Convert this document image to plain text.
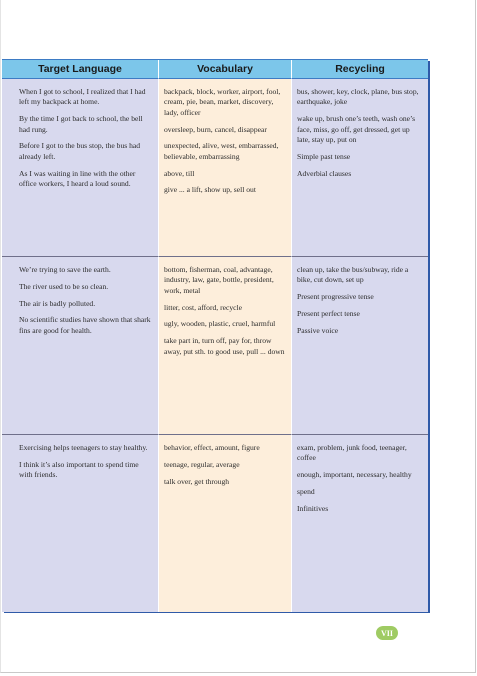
Target Language	Vocabulary	Recycling

When I got to school, I realized that I had left my backpack at home.

By the time I got back to school, the bell had rung.

Before I got to the bus stop, the bus had already left.

As I was waiting in line with the other office workers, I heard a loud sound.

backpack, block, worker, airport, fool, cream, pie, bean, market, discovery, lady, officer

oversleep, burn, cancel, disappear

unexpected, alive, west, embarrassed, believable, embarrassing

above, till

give ... a lift, show up, sell out

bus, shower, key, clock, plane, bus stop, earthquake, joke

wake up, brush one’s teeth, wash one’s face, miss, go off, get dressed, get up late, stay up, put on

Simple past tense

Adverbial clauses

We’re trying to save the earth.

The river used to be so clean.

The air is badly polluted.

No scientific studies have shown that shark fins are good for health.

bottom, fisherman, coal, advantage, industry, law, gate, bottle, president, work, metal

litter, cost, afford, recycle

ugly, wooden, plastic, cruel, harmful

take part in, turn off, pay for, throw away, put sth. to good use, pull ... down

clean up, take the bus/subway, ride a bike, cut down, set up

Present progressive tense

Present perfect tense

Passive voice

Exercising helps teenagers to stay healthy.

I think it’s also important to spend time with friends.

behavior, effect, amount, figure

teenage, regular, average

talk over, get through

exam, problem, junk food, teenager, coffee

enough, important, necessary, healthy

spend

Infinitives

VII
